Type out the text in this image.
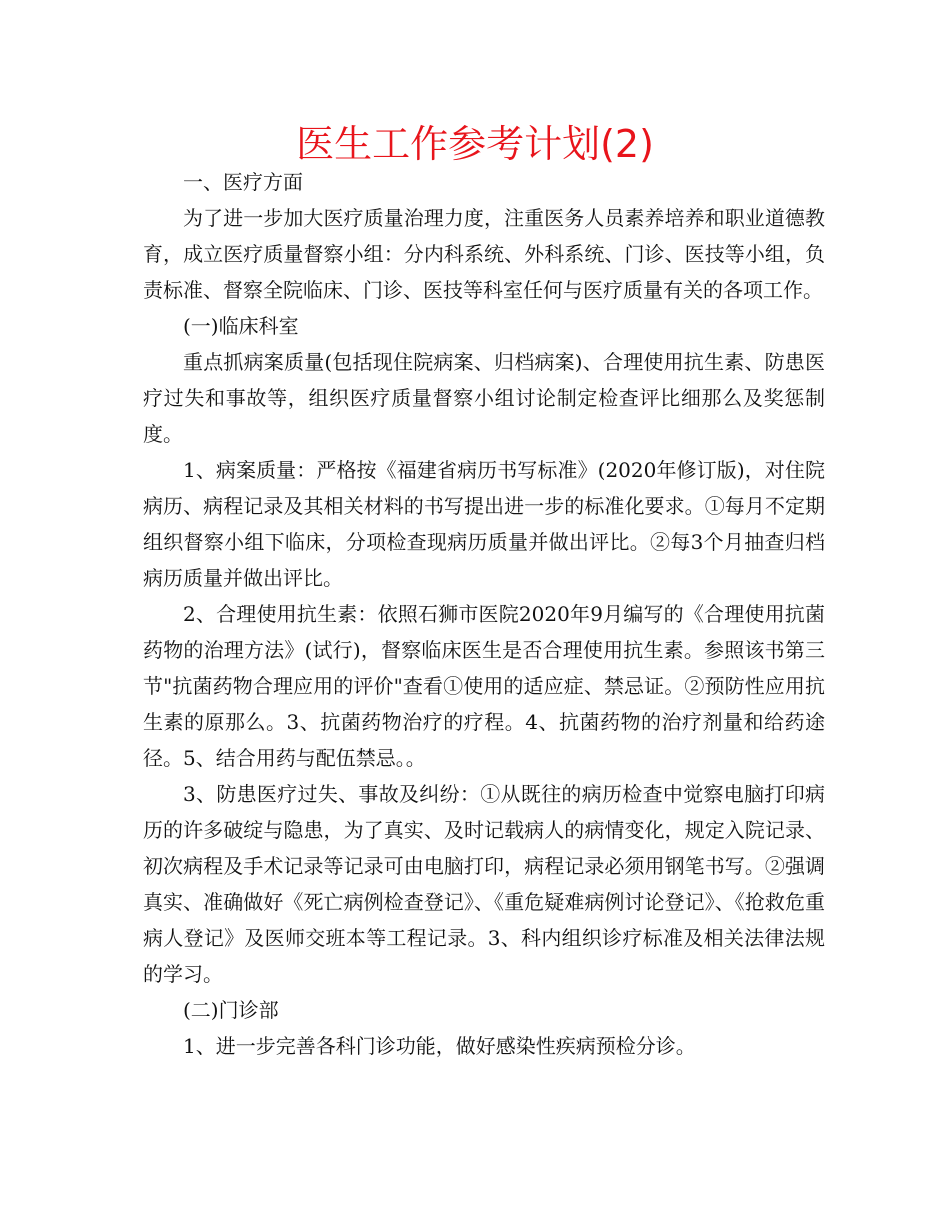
医生工作参考计划(2)

一、医疗方面

为了进一步加大医疗质量治理力度，注重医务人员素养培养和职业道德教育，成立医疗质量督察小组：分内科系统、外科系统、门诊、医技等小组，负责标准、督察全院临床、门诊、医技等科室任何与医疗质量有关的各项工作。

(一)临床科室

重点抓病案质量(包括现住院病案、归档病案)、合理使用抗生素、防患医疗过失和事故等，组织医疗质量督察小组讨论制定检查评比细那么及奖惩制度。

1、病案质量：严格按《福建省病历书写标准》(2020年修订版)，对住院病历、病程记录及其相关材料的书写提出进一步的标准化要求。①每月不定期组织督察小组下临床，分项检查现病历质量并做出评比。②每3个月抽查归档病历质量并做出评比。

2、合理使用抗生素：依照石狮市医院2020年9月编写的《合理使用抗菌药物的治理方法》(试行)，督察临床医生是否合理使用抗生素。参照该书第三节"抗菌药物合理应用的评价"查看①使用的适应症、禁忌证。②预防性应用抗生素的原那么。3、抗菌药物治疗的疗程。4、抗菌药物的治疗剂量和给药途径。5、结合用药与配伍禁忌。。

3、防患医疗过失、事故及纠纷：①从既往的病历检查中觉察电脑打印病历的许多破绽与隐患，为了真实、及时记载病人的病情变化，规定入院记录、初次病程及手术记录等记录可由电脑打印，病程记录必须用钢笔书写。②强调真实、准确做好《死亡病例检查登记》、《重危疑难病例讨论登记》、《抢救危重病人登记》及医师交班本等工程记录。3、科内组织诊疗标准及相关法律法规的学习。

(二)门诊部

1、进一步完善各科门诊功能，做好感染性疾病预检分诊。
